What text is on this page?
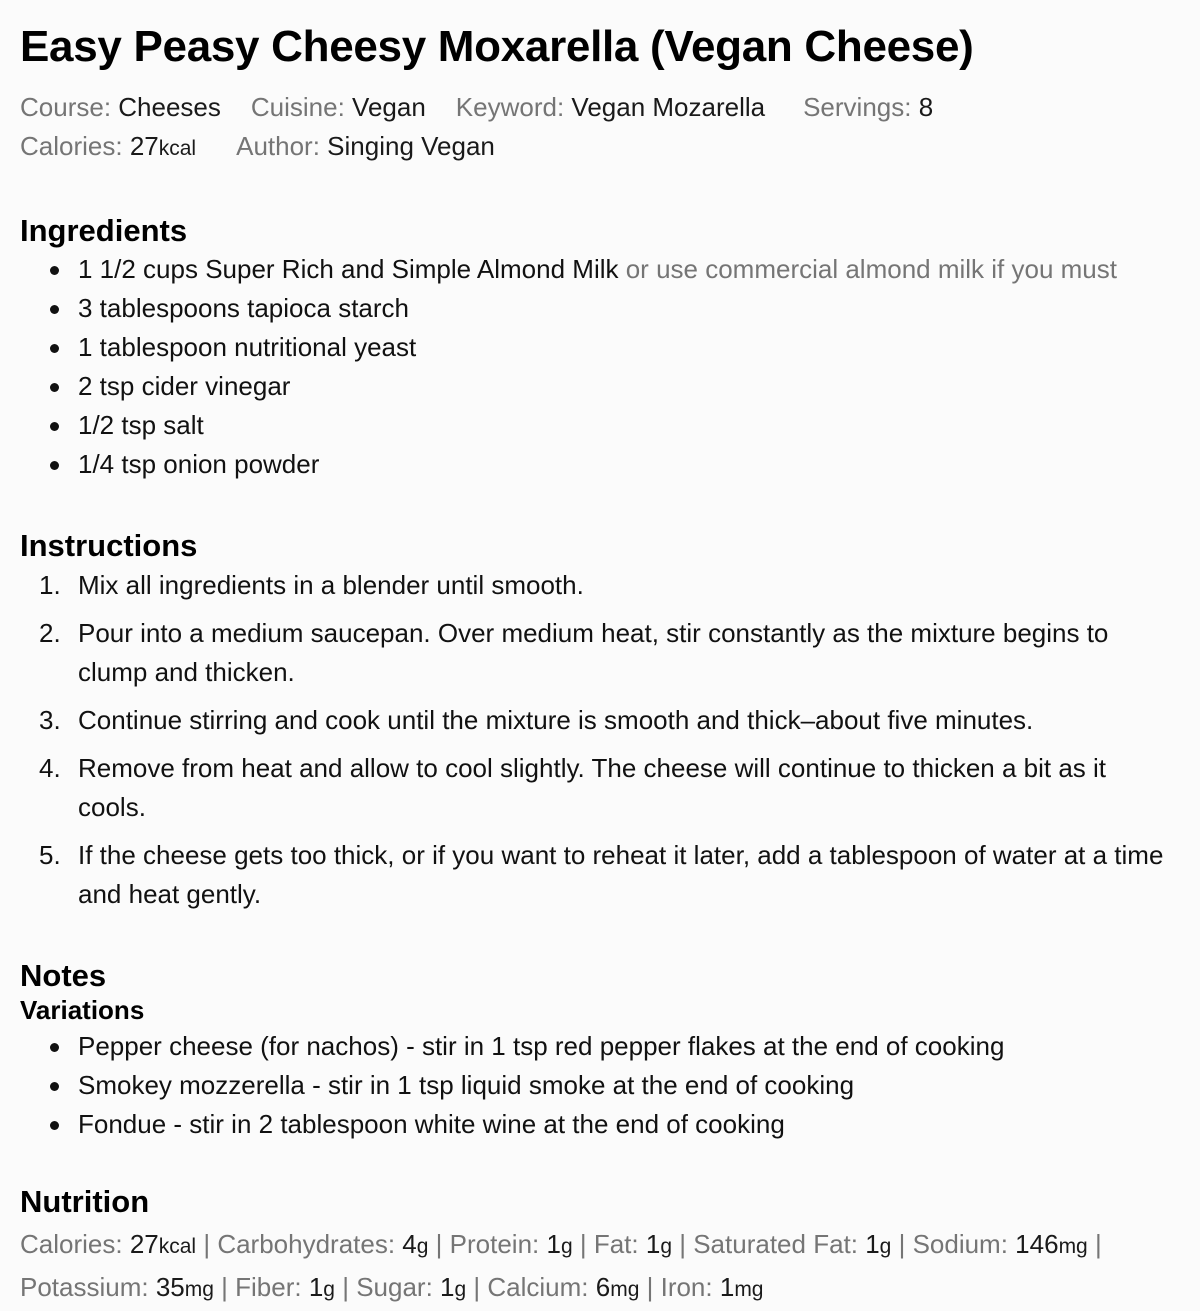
Easy Peasy Cheesy Moxarella (Vegan Cheese)
Course: Cheeses Cuisine: Vegan Keyword: Vegan Mozarella Servings: 8
Calories: 27kcal Author: Singing Vegan
Ingredients
1 1/2 cups Super Rich and Simple Almond Milk or use commercial almond milk if you must
3 tablespoons tapioca starch
1 tablespoon nutritional yeast
2 tsp cider vinegar
1/2 tsp salt
1/4 tsp onion powder
Instructions
1. Mix all ingredients in a blender until smooth.
2. Pour into a medium saucepan. Over medium heat, stir constantly as the mixture begins to clump and thicken.
3. Continue stirring and cook until the mixture is smooth and thick–about five minutes.
4. Remove from heat and allow to cool slightly. The cheese will continue to thicken a bit as it cools.
5. If the cheese gets too thick, or if you want to reheat it later, add a tablespoon of water at a time and heat gently.
Notes
Variations
Pepper cheese (for nachos) - stir in 1 tsp red pepper flakes at the end of cooking
Smokey mozzerella - stir in 1 tsp liquid smoke at the end of cooking
Fondue - stir in 2 tablespoon white wine at the end of cooking
Nutrition
Calories: 27kcal | Carbohydrates: 4g | Protein: 1g | Fat: 1g | Saturated Fat: 1g | Sodium: 146mg | Potassium: 35mg | Fiber: 1g | Sugar: 1g | Calcium: 6mg | Iron: 1mg
